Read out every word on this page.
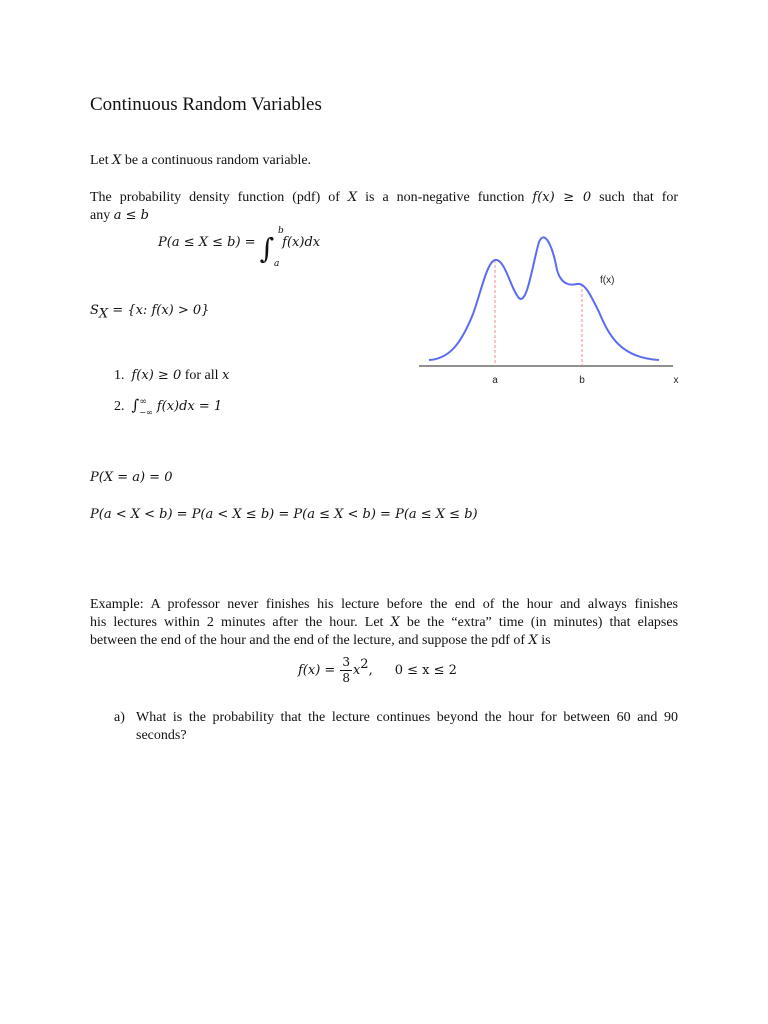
Continuous Random Variables
Let X be a continuous random variable.
The probability density function (pdf) of X is a non-negative function f(x) ≥ 0 such that for
any a ≤ b
$^{P(a \le X \le b) =}$ ∫
b
a
$^{f(x)dx}$
$S_X = \{x$: f(x) > 0}
1. f(x) ≥ 0 for all x
2. ∫ ∞
−∞ f(x)dx = 1
f(x)
a	b	x
P(X = a) = 0
P(a < X < b) = P(a < X ≤ b) = P(a ≤ X < b) = P(a ≤ X ≤ b)
Example: A professor never finishes his lecture before the end of the hour and always finishes
his lectures within 2 minutes after the hour. Let X be the “extra” time (in minutes) that elapses
between the end of the hour and the end of the lecture, and suppose the pdf of X is
$f(x) = \frac{3}{8} x^2$, 0 ≤ x ≤ 2
a) What is the probability that the lecture continues beyond the hour for between 60 and 90
seconds?
